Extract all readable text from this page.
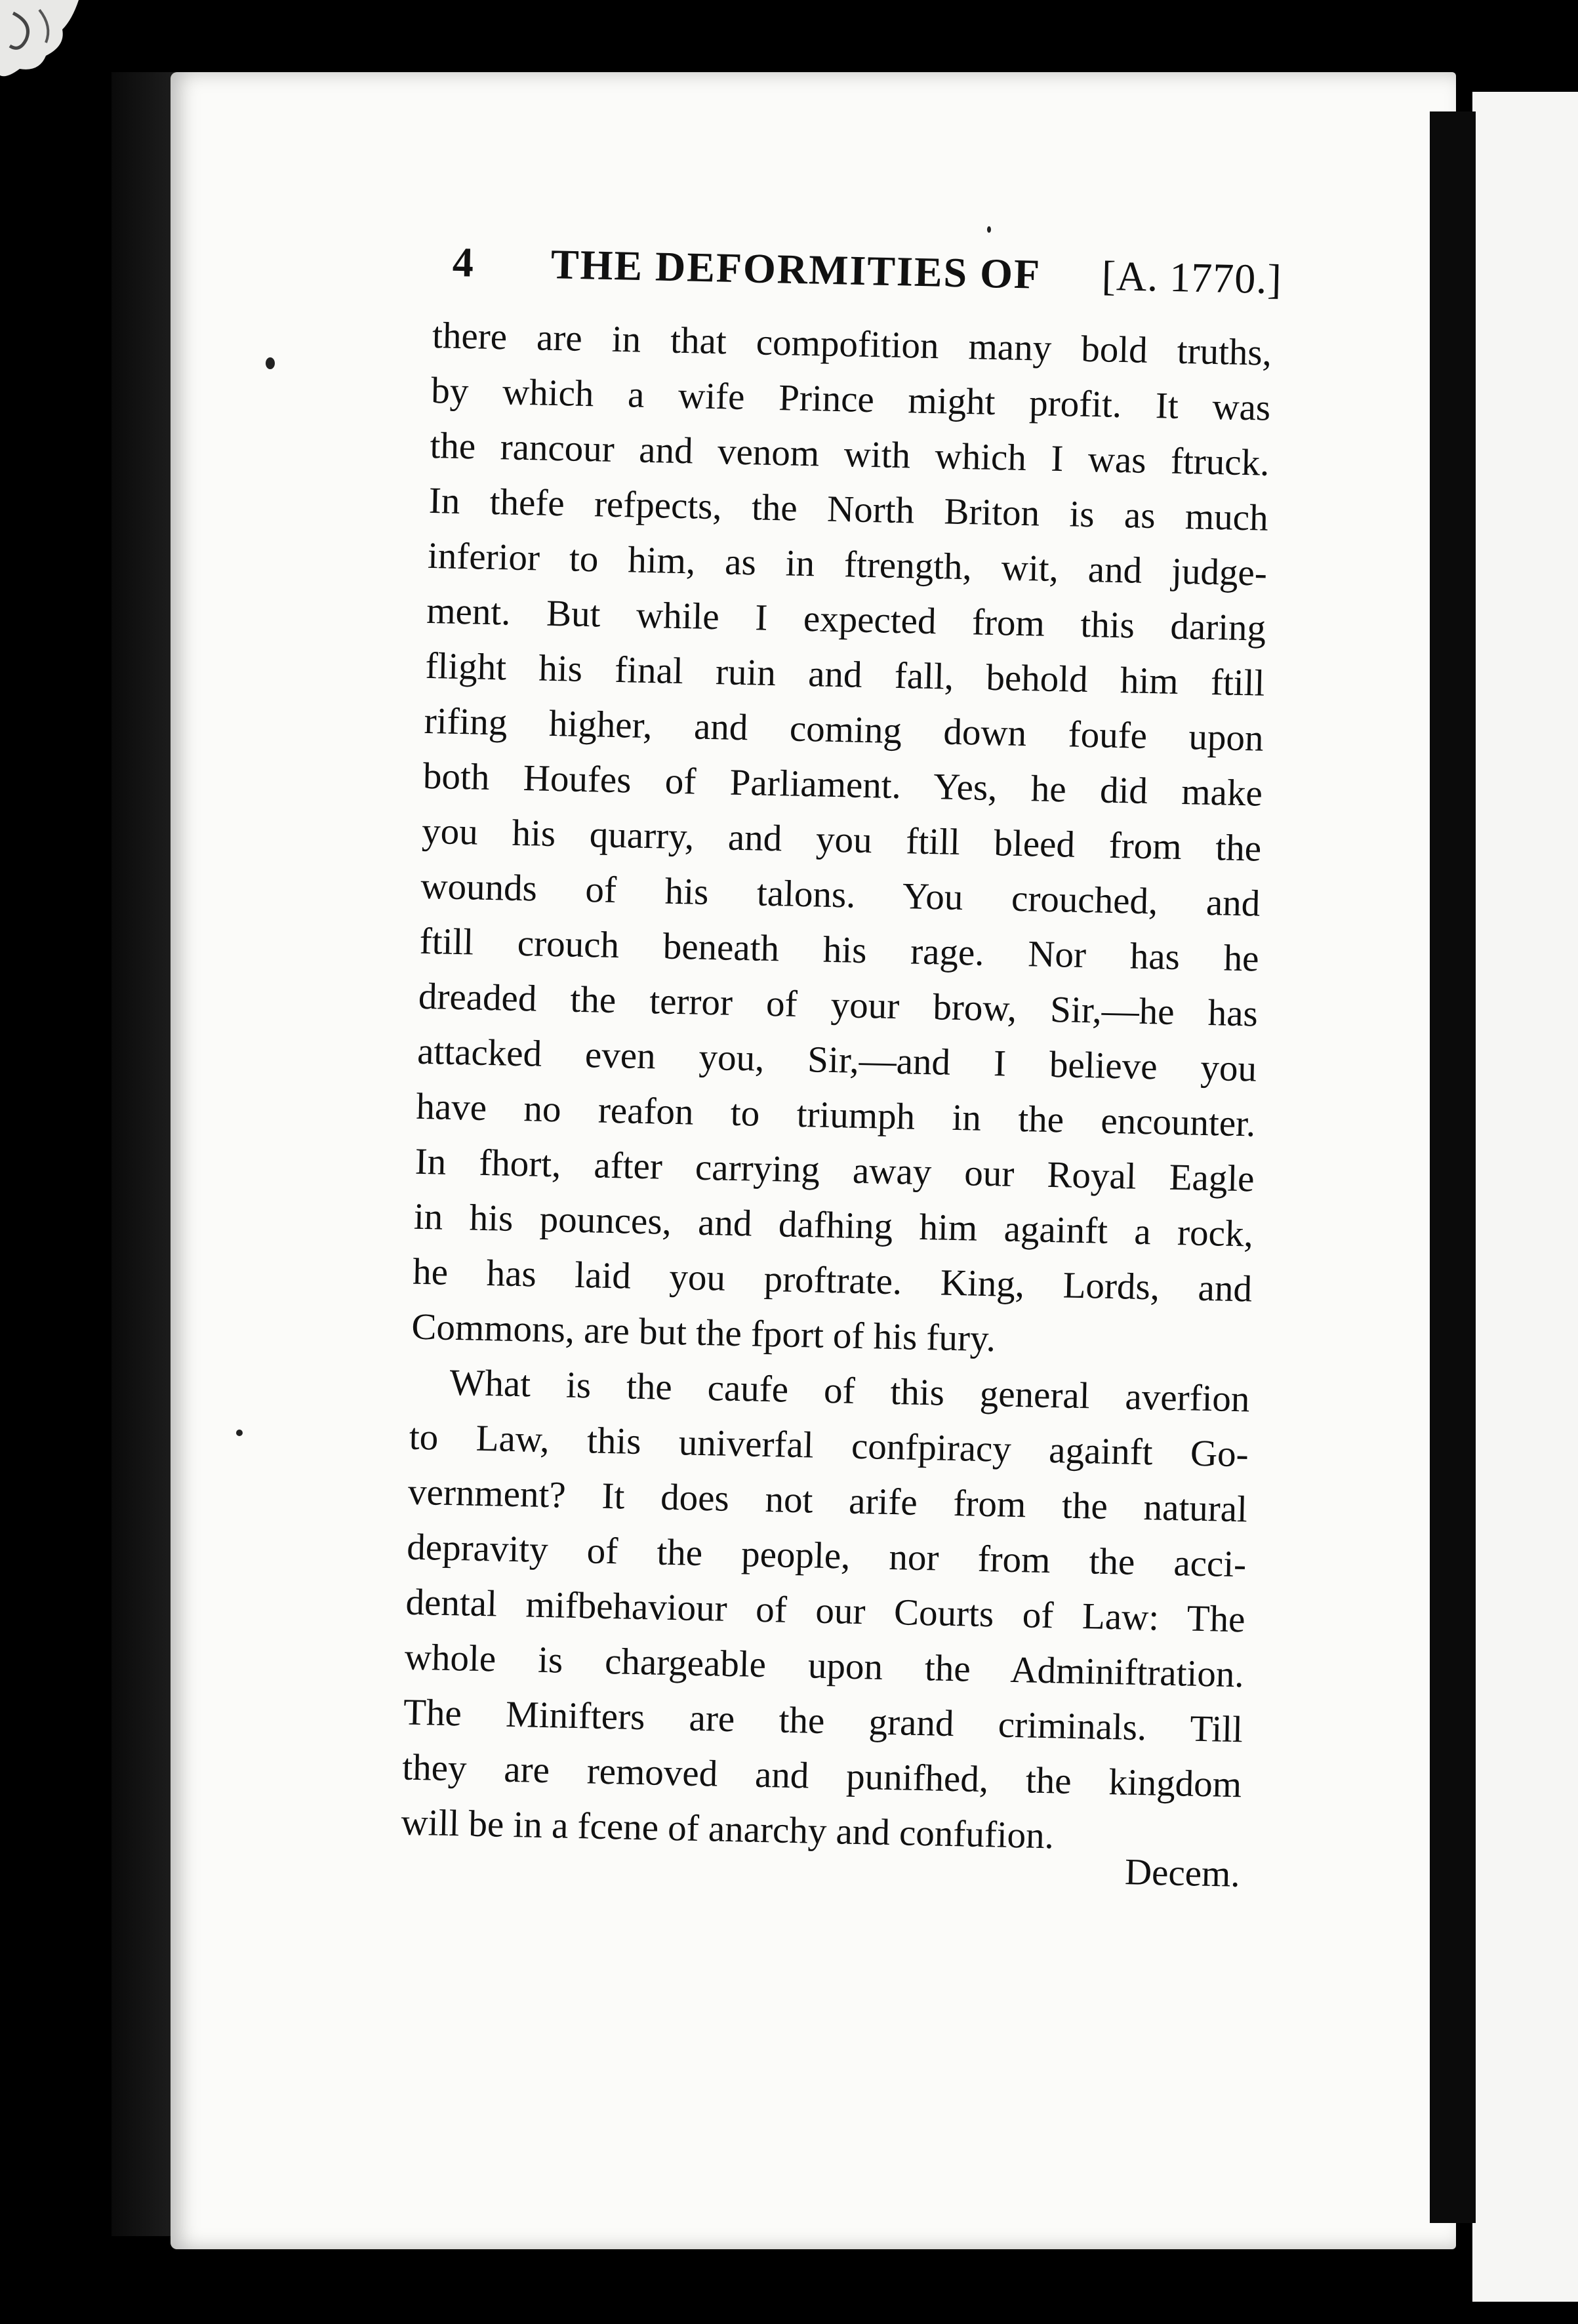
4 THE DEFORMITIES OF [A. 1770.]
there are in that compofition many bold truths,
by which a wife Prince might profit. It was
the rancour and venom with which I was ftruck.
In thefe refpects, the North Briton is as much
inferior to him, as in ftrength, wit, and judge-
ment. But while I expected from this daring
flight his final ruin and fall, behold him ftill
rifing higher, and coming down foufe upon
both Houfes of Parliament. Yes, he did make
you his quarry, and you ftill bleed from the
wounds of his talons. You crouched, and
ftill crouch beneath his rage. Nor has he
dreaded the terror of your brow, Sir,—he has
attacked even you, Sir,—and I believe you
have no reafon to triumph in the encounter.
In fhort, after carrying away our Royal Eagle
in his pounces, and dafhing him againft a rock,
he has laid you proftrate. King, Lords, and
Commons, are but the fport of his fury.
What is the caufe of this general averfion
to Law, this univerfal confpiracy againft Go-
vernment? It does not arife from the natural
depravity of the people, nor from the acci-
dental mifbehaviour of our Courts of Law: The
whole is chargeable upon the Adminiftration.
The Minifters are the grand criminals. Till
they are removed and punifhed, the kingdom
will be in a fcene of anarchy and confufion.
Decem.
